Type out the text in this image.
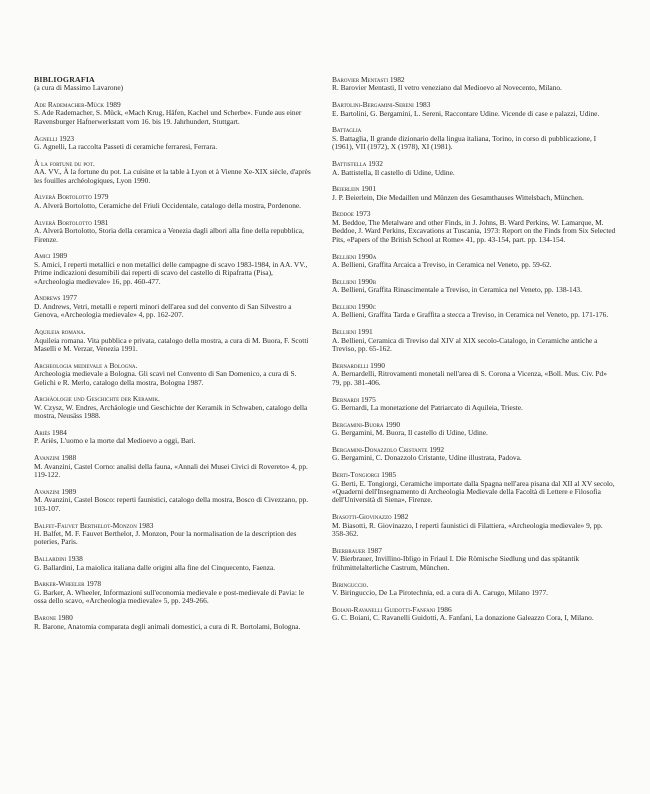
BIBLIOGRAFIA
(a cura di Massimo Lavarone)
Ade Rademacher-Mück 1989
S. Ade Rademacher, S. Mück, «Mach Krug, Häfen, Kachel und Scherbe». Funde aus einer Ravensburger Hafnerwerkstatt vom 16. bis 19. Jahrhundert, Stuttgart.
Agnelli 1923
G. Agnelli, La raccolta Passeti di ceramiche ferraresi, Ferrara.
À la fortune du pot.
AA. VV., À la fortune du pot. La cuisine et la table à Lyon et à Vienne Xe-XIX siècle, d'après les fouilles archéologiques, Lyon 1990.
Alverà Bortolotto 1979
A. Alverà Bortolotto, Ceramiche del Friuli Occidentale, catalogo della mostra, Pordenone.
Alverà Bortolotto 1981
A. Alverà Bortolotto, Storia della ceramica a Venezia dagli albori alla fine della repubblica, Firenze.
Amici 1989
S. Amici, I reperti metallici e non metallici delle campagne di scavo 1983-1984, in AA. VV., Prime indicazioni desumibili dai reperti di scavo del castello di Ripafratta (Pisa), «Archeologia medievale» 16, pp. 460-477.
Andrews 1977
D. Andrews, Vetri, metalli e reperti minori dell'area sud del convento di San Silvestro a Genova, «Archeologia medievale» 4, pp. 162-207.
Aquileia romana.
Aquileia romana. Vita pubblica e privata, catalogo della mostra, a cura di M. Buora, F. Scotti Maselli e M. Verzar, Venezia 1991.
Archeologia medievale a Bologna.
Archeologia medievale a Bologna. Gli scavi nel Convento di San Domenico, a cura di S. Gelichi e R. Merlo, catalogo della mostra, Bologna 1987.
Archäologie und Geschichte der Keramik.
W. Czysz, W. Endres, Archäologie und Geschichte der Keramik in Schwaben, catalogo della mostra, Neusäss 1988.
Ariès 1984
P. Ariès, L'uomo e la morte dal Medioevo a oggi, Bari.
Avanzini 1988
M. Avanzini, Castel Corno: analisi della fauna, «Annali dei Musei Civici di Rovereto» 4, pp. 119-122.
Avanzini 1989
M. Avanzini, Castel Bosco: reperti faunistici, catalogo della mostra, Bosco di Civezzano, pp. 103-107.
Balfet-Fauvet Berthelot-Monzon 1983
H. Balfet, M. F. Fauvet Berthelot, J. Monzon, Pour la normalisation de la description des poteries, Paris.
Ballardini 1938
G. Ballardini, La maiolica italiana dalle origini alla fine del Cinquecento, Faenza.
Barker-Wheeler 1978
G. Barker, A. Wheeler, Informazioni sull'economia medievale e post-medievale di Pavia: le ossa dello scavo, «Archeologia medievale» 5, pp. 249-266.
Barone 1980
R. Barone, Anatomia comparata degli animali domestici, a cura di R. Bortolami, Bologna.
Barovier Mentasti 1982
R. Barovier Mentasti, Il vetro veneziano dal Medioevo al Novecento, Milano.
Bartolini-Bergamini-Sereni 1983
E. Bartolini, G. Bergamini, L. Sereni, Raccontare Udine. Vicende di case e palazzi, Udine.
Battaglia
S. Battaglia, Il grande dizionario della lingua italiana, Torino, in corso di pubblicazione, I (1961), VII (1972), X (1978), XI (1981).
Battistella 1932
A. Battistella, Il castello di Udine, Udine.
Beierlein 1901
J. P. Beierlein, Die Medaillen und Münzen des Gesamthauses Wittelsbach, München.
Beddoe 1973
M. Beddoe, The Metalware and other Finds, in J. Johns, B. Ward Perkins, W. Lamarque, M. Beddoe, J. Ward Perkins, Excavations at Tuscania, 1973: Report on the Finds from Six Selected Pits, «Papers of the British School at Rome» 41, pp. 43-154, part. pp. 134-154.
Bellieni 1990a
A. Bellieni, Graffita Arcaica a Treviso, in Ceramica nel Veneto, pp. 59-62.
Bellieni 1990b
A. Bellieni, Graffita Rinascimentale a Treviso, in Ceramica nel Veneto, pp. 138-143.
Bellieni 1990c
A. Bellieni, Graffita Tarda e Graffita a stecca a Treviso, in Ceramica nel Veneto, pp. 171-176.
Bellieni 1991
A. Bellieni, Ceramica di Treviso dal XIV al XIX secolo-Catalogo, in Ceramiche antiche a Treviso, pp. 65-162.
Bernardelli 1990
A. Bernardelli, Ritrovamenti monetali nell'area di S. Corona a Vicenza, «Boll. Mus. Civ. Pd» 79, pp. 381-406.
Bernardi 1975
G. Bernardi, La monetazione del Patriarcato di Aquileia, Trieste.
Bergamini-Buora 1990
G. Bergamini, M. Buora, Il castello di Udine, Udine.
Bergamini-Donazzolo Cristante 1992
G. Bergamini, C. Donazzolo Cristante, Udine illustrata, Padova.
Berti-Tongiorgi 1985
G. Berti, E. Tongiorgi, Ceramiche importate dalla Spagna nell'area pisana dal XII al XV secolo, «Quaderni dell'Insegnamento di Archeologia Medievale della Facoltà di Lettere e Filosofia dell'Università di Siena», Firenze.
Biasotti-Giovinazzo 1982
M. Biasotti, R. Giovinazzo, I reperti faunistici di Filattiera, «Archeologia medievale» 9, pp. 358-362.
Bierbrauer 1987
V. Bierbrauer, Invillino-Ibligo in Friaul I. Die Römische Siedlung und das spätantik frühmittelalterliche Castrum, München.
Biringuccio.
V. Biringuccio, De La Pirotechnia, ed. a cura di A. Carugo, Milano 1977.
Boiani-Ravanelli Guidotti-Fanfani 1986
G. C. Boiani, C. Ravanelli Guidotti, A. Fanfani, La donazione Galeazzo Cora, I, Milano.
